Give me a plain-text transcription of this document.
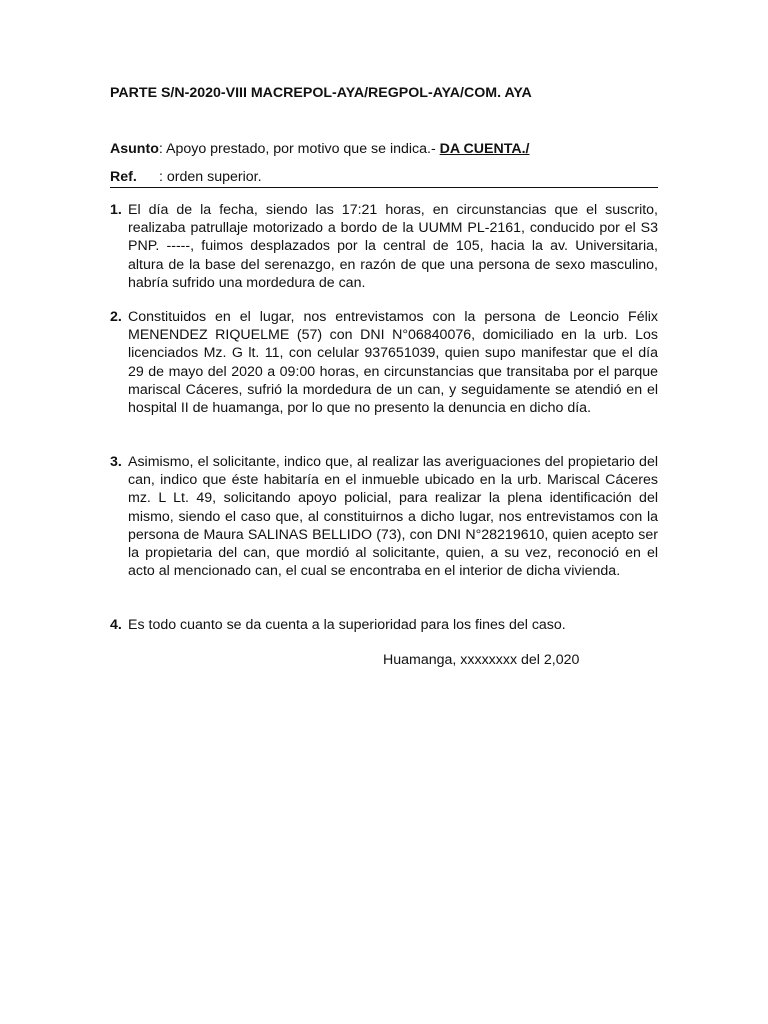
PARTE S/N-2020-VIII MACREPOL-AYA/REGPOL-AYA/COM. AYA
Asunto: Apoyo prestado, por motivo que se indica.- DA CUENTA./
Ref. : orden superior.
1. El día de la fecha, siendo las 17:21 horas, en circunstancias que el suscrito, realizaba patrullaje motorizado a bordo de la UUMM PL-2161, conducido por el S3 PNP. -----, fuimos desplazados por la central de 105, hacia la av. Universitaria, altura de la base del serenazgo, en razón de que una persona de sexo masculino, habría sufrido una mordedura de can.
2. Constituidos en el lugar, nos entrevistamos con la persona de Leoncio Félix MENENDEZ RIQUELME (57) con DNI N°06840076, domiciliado en la urb. Los licenciados Mz. G lt. 11, con celular 937651039, quien supo manifestar que el día 29 de mayo del 2020 a 09:00 horas, en circunstancias que transitaba por el parque mariscal Cáceres, sufrió la mordedura de un can, y seguidamente se atendió en el hospital II de huamanga, por lo que no presento la denuncia en dicho día.
3. Asimismo, el solicitante, indico que, al realizar las averiguaciones del propietario del can, indico que éste habitaría en el inmueble ubicado en la urb. Mariscal Cáceres mz. L Lt. 49, solicitando apoyo policial, para realizar la plena identificación del mismo, siendo el caso que, al constituirnos a dicho lugar, nos entrevistamos con la persona de Maura SALINAS BELLIDO (73), con DNI N°28219610, quien acepto ser la propietaria del can, que mordió al solicitante, quien, a su vez, reconoció en el acto al mencionado can, el cual se encontraba en el interior de dicha vivienda.
4. Es todo cuanto se da cuenta a la superioridad para los fines del caso.
Huamanga, xxxxxxxx del 2,020
